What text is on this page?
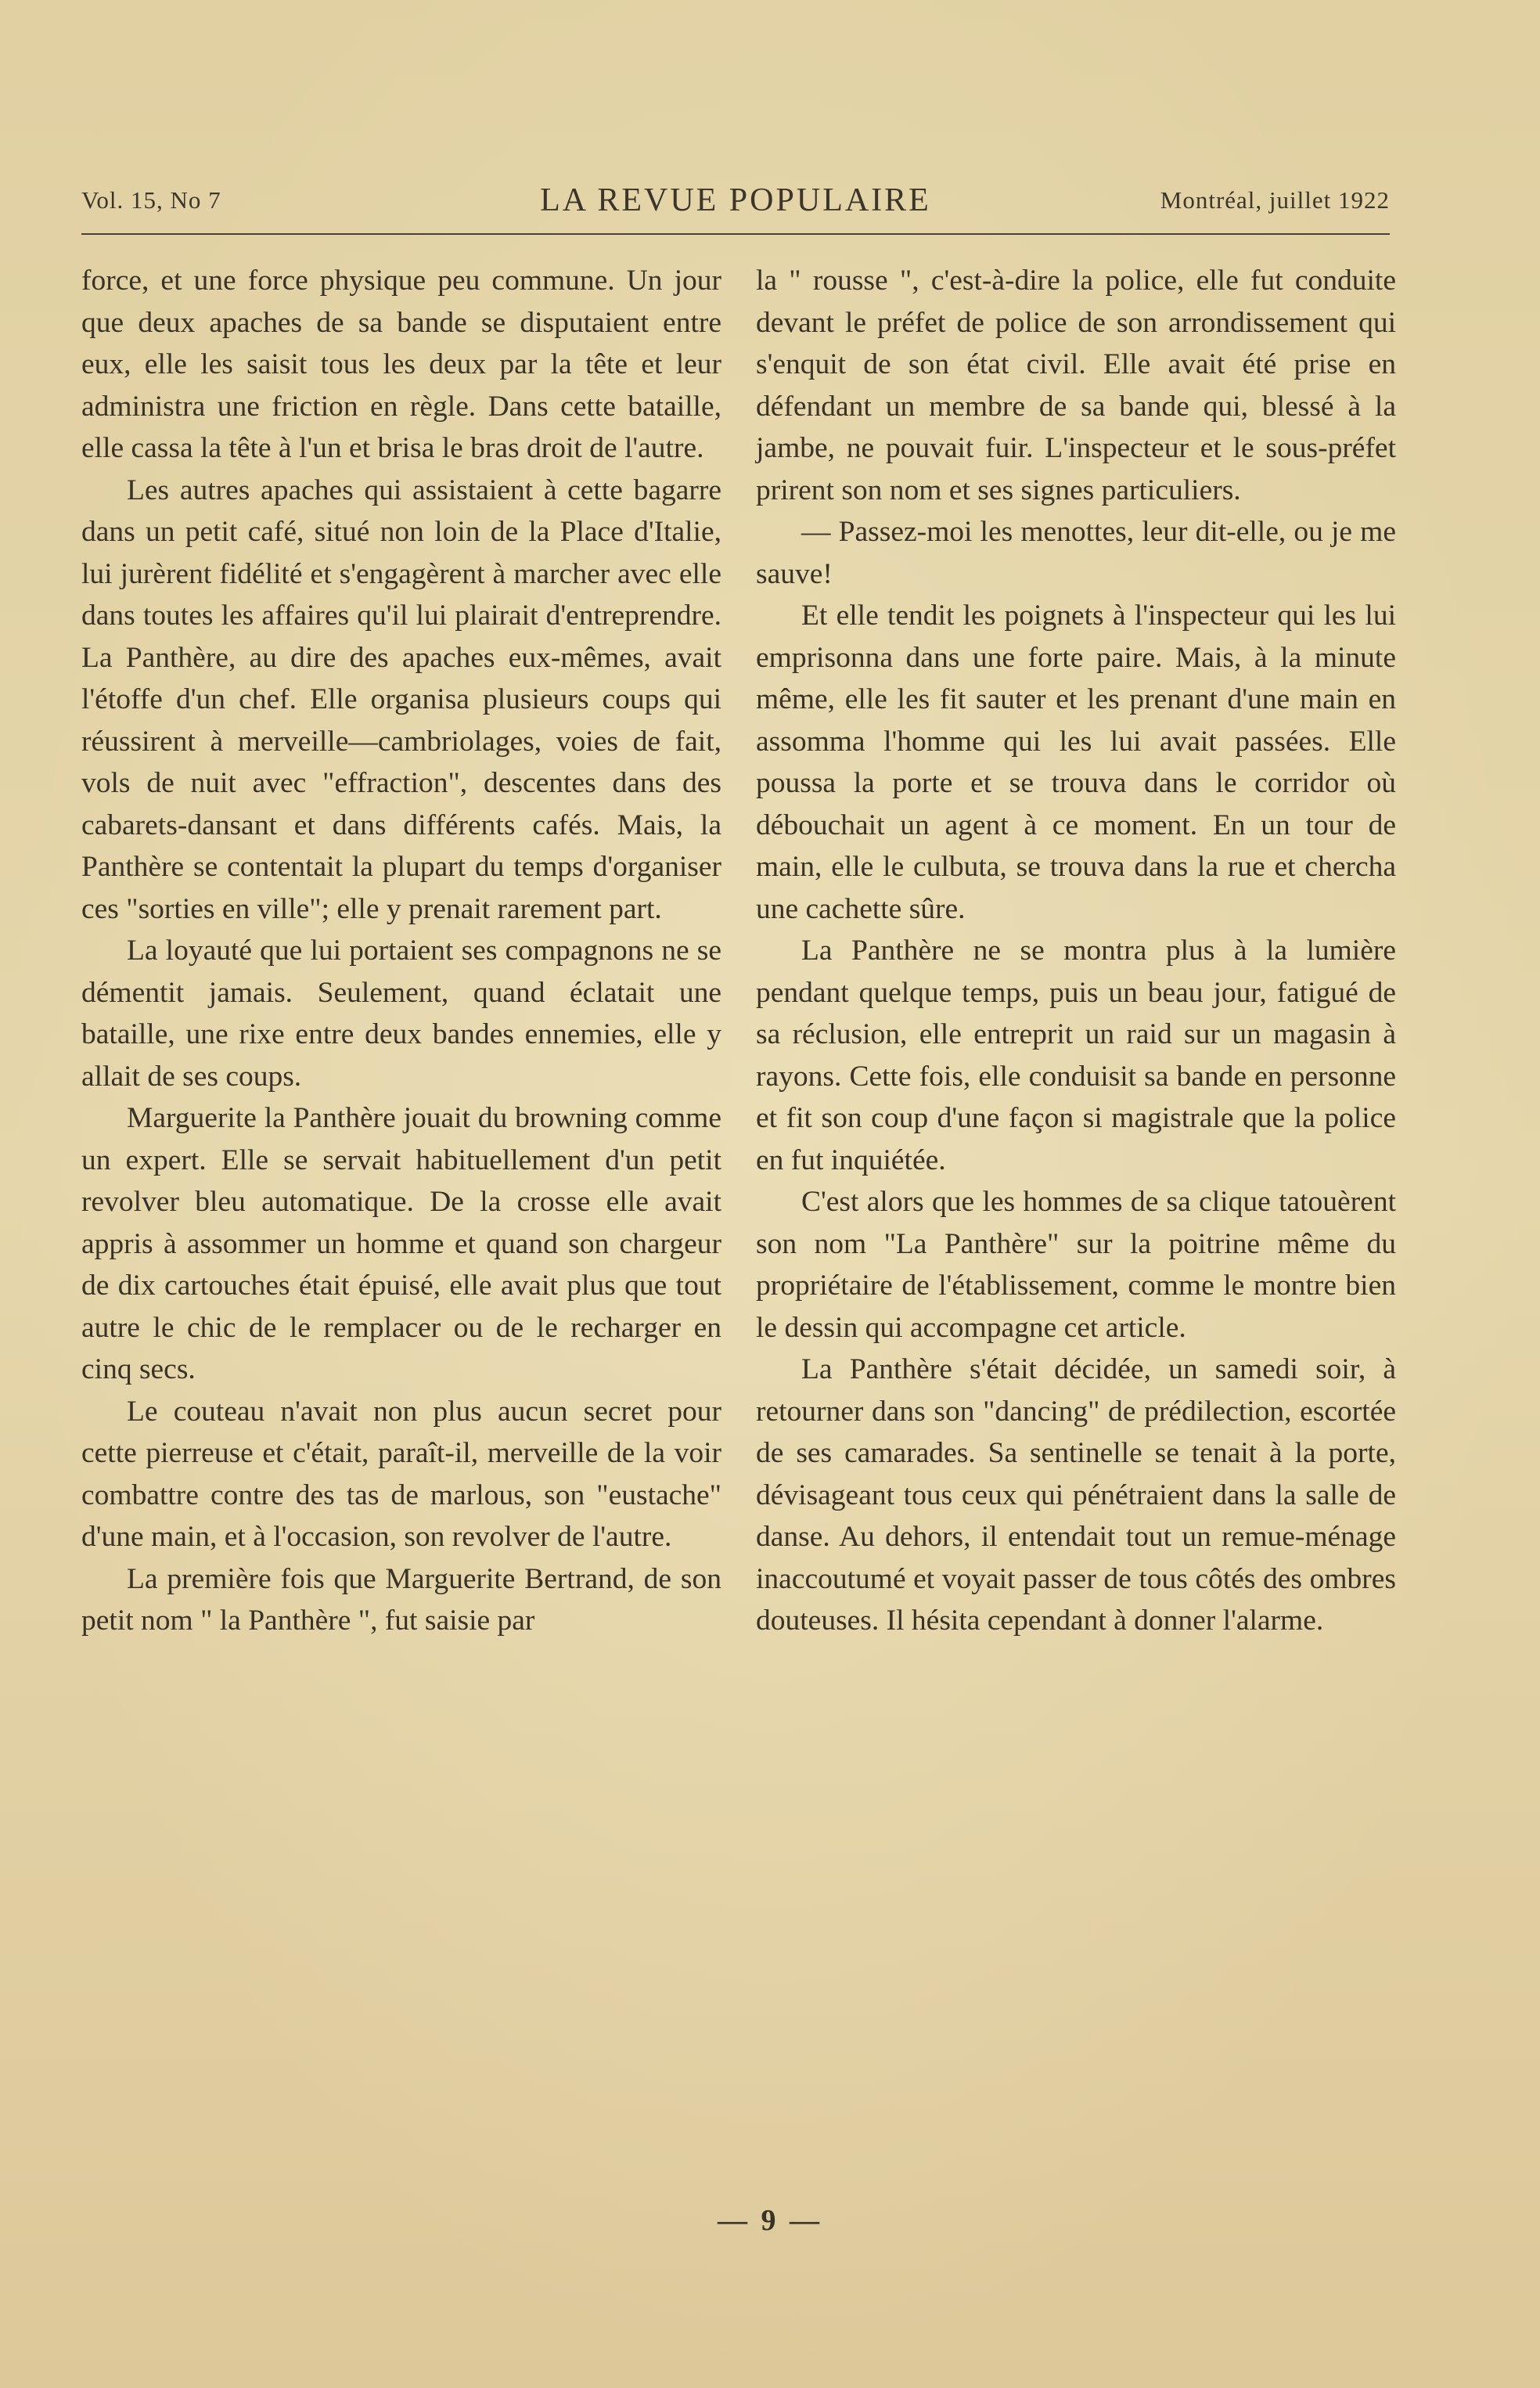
Vol. 15, No 7	LA REVUE POPULAIRE	Montréal, juillet 1922

force, et une force physique peu commune. Un jour que deux apaches de sa bande se disputaient entre eux, elle les saisit tous les deux par la tête et leur administra une friction en règle. Dans cette bataille, elle cassa la tête à l'un et brisa le bras droit de l'autre.

Les autres apaches qui assistaient à cette bagarre dans un petit café, situé non loin de la Place d'Italie, lui jurèrent fidélité et s'engagèrent à marcher avec elle dans toutes les affaires qu'il lui plairait d'entreprendre. La Panthère, au dire des apaches eux-mêmes, avait l'étoffe d'un chef. Elle organisa plusieurs coups qui réussirent à merveille—cambriolages, voies de fait, vols de nuit avec "effraction", descentes dans des cabarets-dansant et dans différents cafés. Mais, la Panthère se contentait la plupart du temps d'organiser ces "sorties en ville"; elle y prenait rarement part.

La loyauté que lui portaient ses compagnons ne se démentit jamais. Seulement, quand éclatait une bataille, une rixe entre deux bandes ennemies, elle y allait de ses coups.

Marguerite la Panthère jouait du browning comme un expert. Elle se servait habituellement d'un petit revolver bleu automatique. De la crosse elle avait appris à assommer un homme et quand son chargeur de dix cartouches était épuisé, elle avait plus que tout autre le chic de le remplacer ou de le recharger en cinq secs.

Le couteau n'avait non plus aucun secret pour cette pierreuse et c'était, paraît-il, merveille de la voir combattre contre des tas de marlous, son "eustache" d'une main, et à l'occasion, son revolver de l'autre.

La première fois que Marguerite Bertrand, de son petit nom " la Panthère ", fut saisie par

la " rousse ", c'est-à-dire la police, elle fut conduite devant le préfet de police de son arrondissement qui s'enquit de son état civil. Elle avait été prise en défendant un membre de sa bande qui, blessé à la jambe, ne pouvait fuir. L'inspecteur et le sous-préfet prirent son nom et ses signes particuliers.

— Passez-moi les menottes, leur dit-elle, ou je me sauve!

Et elle tendit les poignets à l'inspecteur qui les lui emprisonna dans une forte paire. Mais, à la minute même, elle les fit sauter et les prenant d'une main en assomma l'homme qui les lui avait passées. Elle poussa la porte et se trouva dans le corridor où débouchait un agent à ce moment. En un tour de main, elle le culbuta, se trouva dans la rue et chercha une cachette sûre.

La Panthère ne se montra plus à la lumière pendant quelque temps, puis un beau jour, fatigué de sa réclusion, elle entreprit un raid sur un magasin à rayons. Cette fois, elle conduisit sa bande en personne et fit son coup d'une façon si magistrale que la police en fut inquiétée.

C'est alors que les hommes de sa clique tatouèrent son nom "La Panthère" sur la poitrine même du propriétaire de l'établissement, comme le montre bien le dessin qui accompagne cet article.

La Panthère s'était décidée, un samedi soir, à retourner dans son "dancing" de prédilection, escortée de ses camarades. Sa sentinelle se tenait à la porte, dévisageant tous ceux qui pénétraient dans la salle de danse. Au dehors, il entendait tout un remue-ménage inaccoutumé et voyait passer de tous côtés des ombres douteuses. Il hésita cependant à donner l'alarme.

— 9 —
